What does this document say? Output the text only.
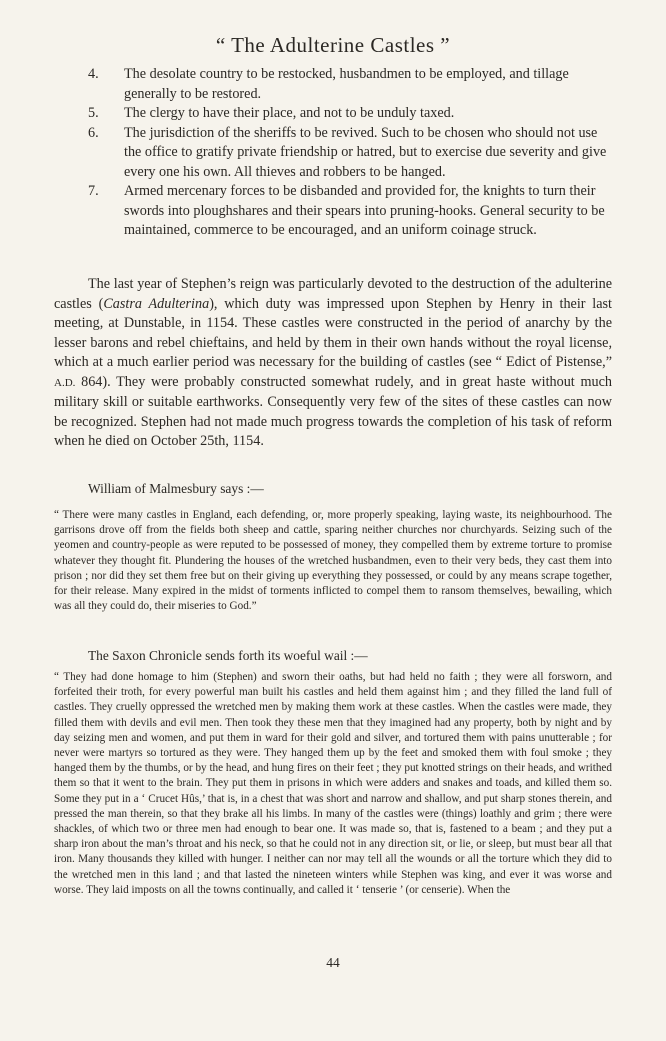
“ The Adulterine Castles ”
4. The desolate country to be restocked, husbandmen to be employed, and tillage generally to be restored.
5. The clergy to have their place, and not to be unduly taxed.
6. The jurisdiction of the sheriffs to be revived. Such to be chosen who should not use the office to gratify private friendship or hatred, but to exercise due severity and give every one his own. All thieves and robbers to be hanged.
7. Armed mercenary forces to be disbanded and provided for, the knights to turn their swords into ploughshares and their spears into pruning-hooks. General security to be maintained, commerce to be encouraged, and an uniform coinage struck.
The last year of Stephen’s reign was particularly devoted to the destruction of the adulterine castles (Castra Adulterina), which duty was impressed upon Stephen by Henry in their last meeting, at Dunstable, in 1154. These castles were constructed in the period of anarchy by the lesser barons and rebel chieftains, and held by them in their own hands without the royal license, which at a much earlier period was necessary for the building of castles (see “ Edict of Pistense,” A.D. 864). They were probably constructed somewhat rudely, and in great haste without much military skill or suitable earthworks. Consequently very few of the sites of these castles can now be recognized. Stephen had not made much progress towards the completion of his task of reform when he died on October 25th, 1154.
William of Malmesbury says :—
“ There were many castles in England, each defending, or, more properly speaking, laying waste, its neighbourhood. The garrisons drove off from the fields both sheep and cattle, sparing neither churches nor churchyards. Seizing such of the yeomen and country-people as were reputed to be possessed of money, they compelled them by extreme torture to promise whatever they thought fit. Plundering the houses of the wretched husbandmen, even to their very beds, they cast them into prison ; nor did they set them free but on their giving up everything they possessed, or could by any means scrape together, for their release. Many expired in the midst of torments inflicted to compel them to ransom themselves, bewailing, which was all they could do, their miseries to God.”
The Saxon Chronicle sends forth its woeful wail :—
“ They had done homage to him (Stephen) and sworn their oaths, but had held no faith ; they were all forsworn, and forfeited their troth, for every powerful man built his castles and held them against him ; and they filled the land full of castles. They cruelly oppressed the wretched men by making them work at these castles. When the castles were made, they filled them with devils and evil men. Then took they these men that they imagined had any property, both by night and by day seizing men and women, and put them in ward for their gold and silver, and tortured them with pains unutterable ; for never were martyrs so tortured as they were. They hanged them up by the feet and smoked them with foul smoke ; they hanged them by the thumbs, or by the head, and hung fires on their feet ; they put knotted strings on their heads, and writhed them so that it went to the brain. They put them in prisons in which were adders and snakes and toads, and killed them so. Some they put in a ‘ Crucet Hûs,’ that is, in a chest that was short and narrow and shallow, and put sharp stones therein, and pressed the man therein, so that they brake all his limbs. In many of the castles were (things) loathly and grim ; there were shackles, of which two or three men had enough to bear one. It was made so, that is, fastened to a beam ; and they put a sharp iron about the man’s throat and his neck, so that he could not in any direction sit, or lie, or sleep, but must bear all that iron. Many thousands they killed with hunger. I neither can nor may tell all the wounds or all the torture which they did to the wretched men in this land ; and that lasted the nineteen winters while Stephen was king, and ever it was worse and worse. They laid imposts on all the towns continually, and called it ‘ tenserie ’ (or censerie). When the
44
